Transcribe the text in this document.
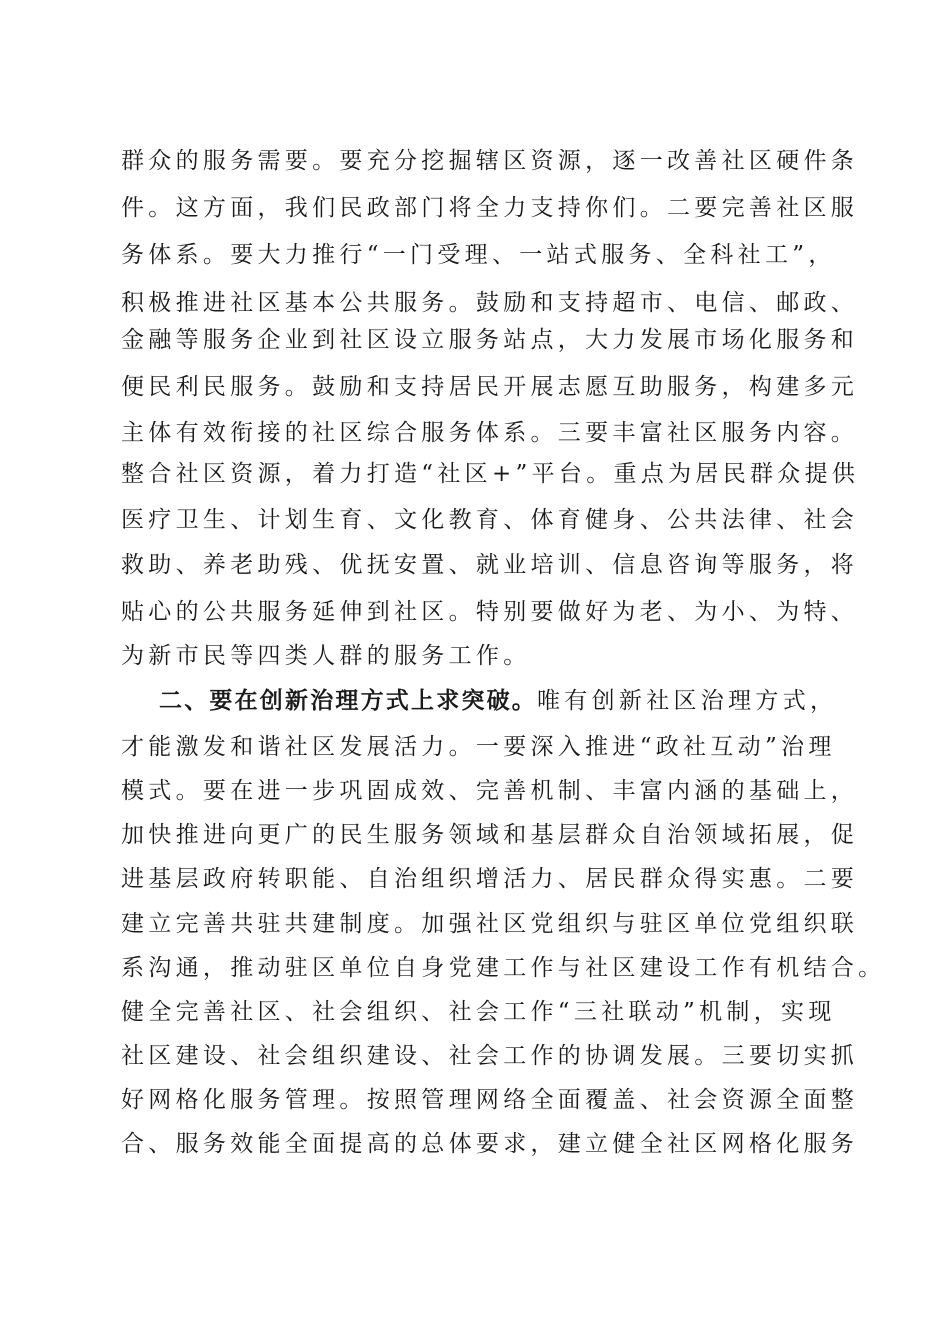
群众的服务需要。要充分挖掘辖区资源，逐一改善社区硬件条
件。这方面，我们民政部门将全力支持你们。二要完善社区服
务体系。要大力推行“一门受理、一站式服务、全科社工”，
积极推进社区基本公共服务。鼓励和支持超市、电信、邮政、
金融等服务企业到社区设立服务站点，大力发展市场化服务和
便民利民服务。鼓励和支持居民开展志愿互助服务，构建多元
主体有效衔接的社区综合服务体系。三要丰富社区服务内容。
整合社区资源，着力打造“社区+”平台。重点为居民群众提供
医疗卫生、计划生育、文化教育、体育健身、公共法律、社会
救助、养老助残、优抚安置、就业培训、信息咨询等服务，将
贴心的公共服务延伸到社区。特别要做好为老、为小、为特、
为新市民等四类人群的服务工作。
二、要在创新治理方式上求突破。唯有创新社区治理方式，
才能激发和谐社区发展活力。一要深入推进“政社互动”治理
模式。要在进一步巩固成效、完善机制、丰富内涵的基础上，
加快推进向更广的民生服务领域和基层群众自治领域拓展，促
进基层政府转职能、自治组织增活力、居民群众得实惠。二要
建立完善共驻共建制度。加强社区党组织与驻区单位党组织联
系沟通，推动驻区单位自身党建工作与社区建设工作有机结合。
健全完善社区、社会组织、社会工作“三社联动”机制，实现
社区建设、社会组织建设、社会工作的协调发展。三要切实抓
好网格化服务管理。按照管理网络全面覆盖、社会资源全面整
合、服务效能全面提高的总体要求，建立健全社区网格化服务
